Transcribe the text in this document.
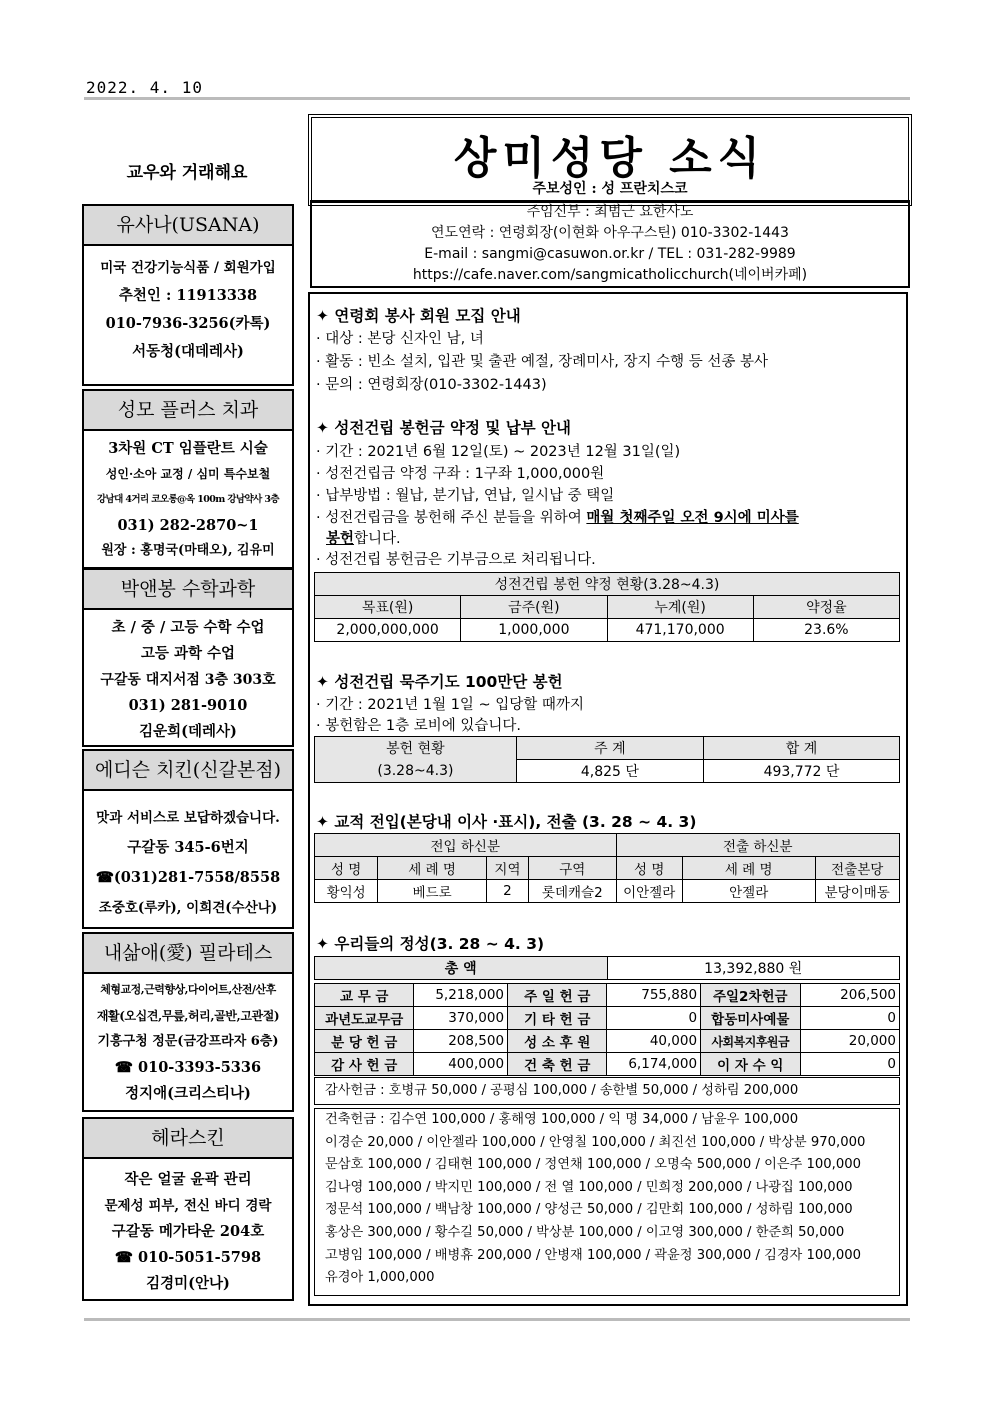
2022. 4. 10
교우와 거래해요
유사나(USANA)
미국 건강기능식품 / 회원가입
추천인 : 11913338
010-7936-3256(카톡)
서동청(대데레사)
성모 플러스 치과
3차원 CT 임플란트 시술
성인·소아 교정 / 심미 특수보철
강남대 4거리 코오롱@옥 100m 강남약사 3층
031) 282-2870~1
원장 : 홍명국(마태오), 김유미
박앤봉 수학과학
초 / 중 / 고등 수학 수업
고등 과학 수업
구갈동 대지서점 3층 303호
031) 281-9010
김운희(데레사)
에디슨 치킨(신갈본점)
맛과 서비스로 보답하겠습니다.
구갈동 345-6번지
☎(031)281-7558/8558
조중호(루카), 이희견(수산나)
내삶애(愛) 필라테스
체형교정,근력향상,다이어트,산전/산후
재활(오십견,무릎,허리,골반,고관절)
기흥구청 정문(금강프라자 6층)
☎ 010-3393-5336
정지애(크리스티나)
헤라스킨
작은 얼굴 윤곽 관리
문제성 피부, 전신 바디 경락
구갈동 메가타운 204호
☎ 010-5051-5798
김경미(안나)
상미성당 소식
주보성인 : 성 프란치스코
주임신부 : 최범근 요한사도
연도연락 : 연령회장(이현화 아우구스틴) 010-3302-1443
E-mail : sangmi@casuwon.or.kr / TEL : 031-282-9989
https://cafe.naver.com/sangmicatholicchurch(네이버카페)
✦ 연령회 봉사 회원 모집 안내
· 대상 : 본당 신자인 남, 녀
· 활동 : 빈소 설치, 입관 및 출관 예절, 장례미사, 장지 수행 등 선종 봉사
· 문의 : 연령회장(010-3302-1443)
✦ 성전건립 봉헌금 약정 및 납부 안내
· 기간 : 2021년 6월 12일(토) ~ 2023년 12월 31일(일)
· 성전건립금 약정 구좌 : 1구좌 1,000,000원
· 납부방법 : 월납, 분기납, 연납, 일시납 중 택일
· 성전건립금을 봉헌해 주신 분들을 위하여 매월 첫째주일 오전 9시에 미사를
봉헌합니다.
· 성전건립 봉헌금은 기부금으로 처리됩니다.
성전건립 봉헌 약정 현황(3.28~4.3)			
목표(원)	금주(원)	누계(원)	약정율
2,000,000,000	1,000,000	471,170,000	23.6%
✦ 성전건립 묵주기도 100만단 봉헌
· 기간 : 2021년 1월 1일 ~ 입당할 때까지
· 봉헌함은 1층 로비에 있습니다.
봉헌 현황	주 계	합 계
(3.28~4.3)	4,825 단	493,772 단
✦ 교적 전입(본당내 이사 ·표시), 전출 (3. 28 ~ 4. 3)
전입 하신분				전출 하신분		
성 명	세 례 명	지역	구역	성 명	세 례 명	전출본당
황익성	베드로	2	롯데캐슬2	이안젤라	안젤라	분당이매동
✦ 우리들의 정성(3. 28 ~ 4. 3)
총 액	13,392,880 원
교 무 금	5,218,000	주 일 헌 금	755,880	주일2차헌금	206,500
과년도교무금	370,000	기 타 헌 금	0	합동미사예물	0
분 당 헌 금	208,500	성 소 후 원	40,000	사회복지후원금	20,000
감 사 헌 금	400,000	건 축 헌 금	6,174,000	이 자 수 익	0
감사헌금 : 호병규 50,000 / 공평심 100,000 / 송한별 50,000 / 성하림 200,000
건축헌금 : 김수연 100,000 / 홍해영 100,000 / 익 명 34,000 / 남윤우 100,000
이경순 20,000 / 이안젤라 100,000 / 안영칠 100,000 / 최진선 100,000 / 박상분 970,000
문삼호 100,000 / 김태현 100,000 / 정연채 100,000 / 오명숙 500,000 / 이은주 100,000
김나영 100,000 / 박지민 100,000 / 전 열 100,000 / 민희정 200,000 / 나광집 100,000
정문석 100,000 / 백남창 100,000 / 양성근 50,000 / 김만회 100,000 / 성하림 100,000
홍상은 300,000 / 황수길 50,000 / 박상분 100,000 / 이고영 300,000 / 한준희 50,000
고병임 100,000 / 배병휴 200,000 / 안병재 100,000 / 곽윤정 300,000 / 김경자 100,000
유경아 1,000,000
